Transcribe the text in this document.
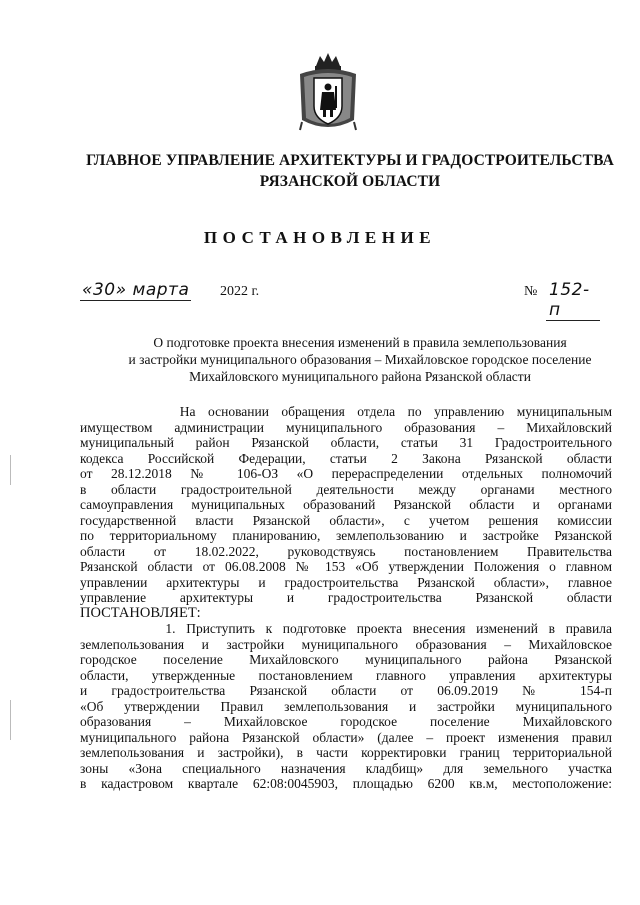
ГЛАВНОЕ УПРАВЛЕНИЕ АРХИТЕКТУРЫ И ГРАДОСТРОИТЕЛЬСТВА
РЯЗАНСКОЙ ОБЛАСТИ
ПОСТАНОВЛЕНИЕ
«30» марта 2022 г.	№ 152-п
О подготовке проекта внесения изменений в правила землепользования
и застройки муниципального образования – Михайловское городское поселение
Михайловского муниципального района Рязанской области
На основании обращения отдела по управлению муниципальным
имуществом администрации муниципального образования – Михайловский
муниципальный район Рязанской области, статьи 31 Градостроительного
кодекса Российской Федерации, статьи 2 Закона Рязанской области
от 28.12.2018 № 106-ОЗ «О перераспределении отдельных полномочий
в области градостроительной деятельности между органами местного
самоуправления муниципальных образований Рязанской области и органами
государственной власти Рязанской области», с учетом решения комиссии
по территориальному планированию, землепользованию и застройке Рязанской
области от 18.02.2022, руководствуясь постановлением Правительства
Рязанской области от 06.08.2008 № 153 «Об утверждении Положения о главном
управлении архитектуры и градостроительства Рязанской области», главное
управление архитектуры и градостроительства Рязанской области
ПОСТАНОВЛЯЕТ:
1. Приступить к подготовке проекта внесения изменений в правила
землепользования и застройки муниципального образования – Михайловское
городское поселение Михайловского муниципального района Рязанской
области, утвержденные постановлением главного управления архитектуры
и градостроительства Рязанской области от 06.09.2019 № 154-п
«Об утверждении Правил землепользования и застройки муниципального
образования – Михайловское городское поселение Михайловского
муниципального района Рязанской области» (далее – проект изменения правил
землепользования и застройки), в части корректировки границ территориальной
зоны «Зона специального назначения кладбищ» для земельного участка
в кадастровом квартале 62:08:0045903, площадью 6200 кв.м, местоположение:
